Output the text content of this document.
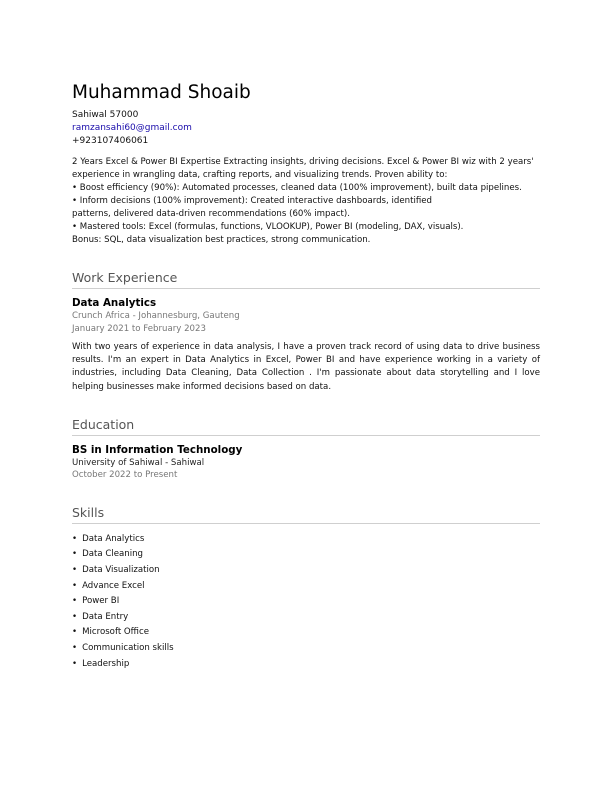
Muhammad Shoaib
Sahiwal 57000
ramzansahi60@gmail.com
+923107406061

2 Years Excel & Power BI Expertise Extracting insights, driving decisions. Excel & Power BI wiz with 2 years' experience in wrangling data, crafting reports, and visualizing trends. Proven ability to:

• Boost efficiency (90%): Automated processes, cleaned data (100% improvement), built data pipelines.

• Inform decisions (100% improvement): Created interactive dashboards, identified

patterns, delivered data-driven recommendations (60% impact).

• Mastered tools: Excel (formulas, functions, VLOOKUP), Power BI (modeling, DAX, visuals).

Bonus: SQL, data visualization best practices, strong communication.

Work Experience
Data Analytics
Crunch Africa - Johannesburg, Gauteng
January 2021 to February 2023
With two years of experience in data analysis, I have a proven track record of using data to drive business results. I'm an expert in Data Analytics in Excel, Power BI and have experience working in a variety of industries, including Data Cleaning, Data Collection . I'm passionate about data storytelling and I love helping businesses make informed decisions based on data.
Education
BS in Information Technology
University of Sahiwal - Sahiwal
October 2022 to Present
Skills
• Data Analytics
• Data Cleaning
• Data Visualization
• Advance Excel
• Power BI
• Data Entry
• Microsoft Office
• Communication skills
• Leadership
